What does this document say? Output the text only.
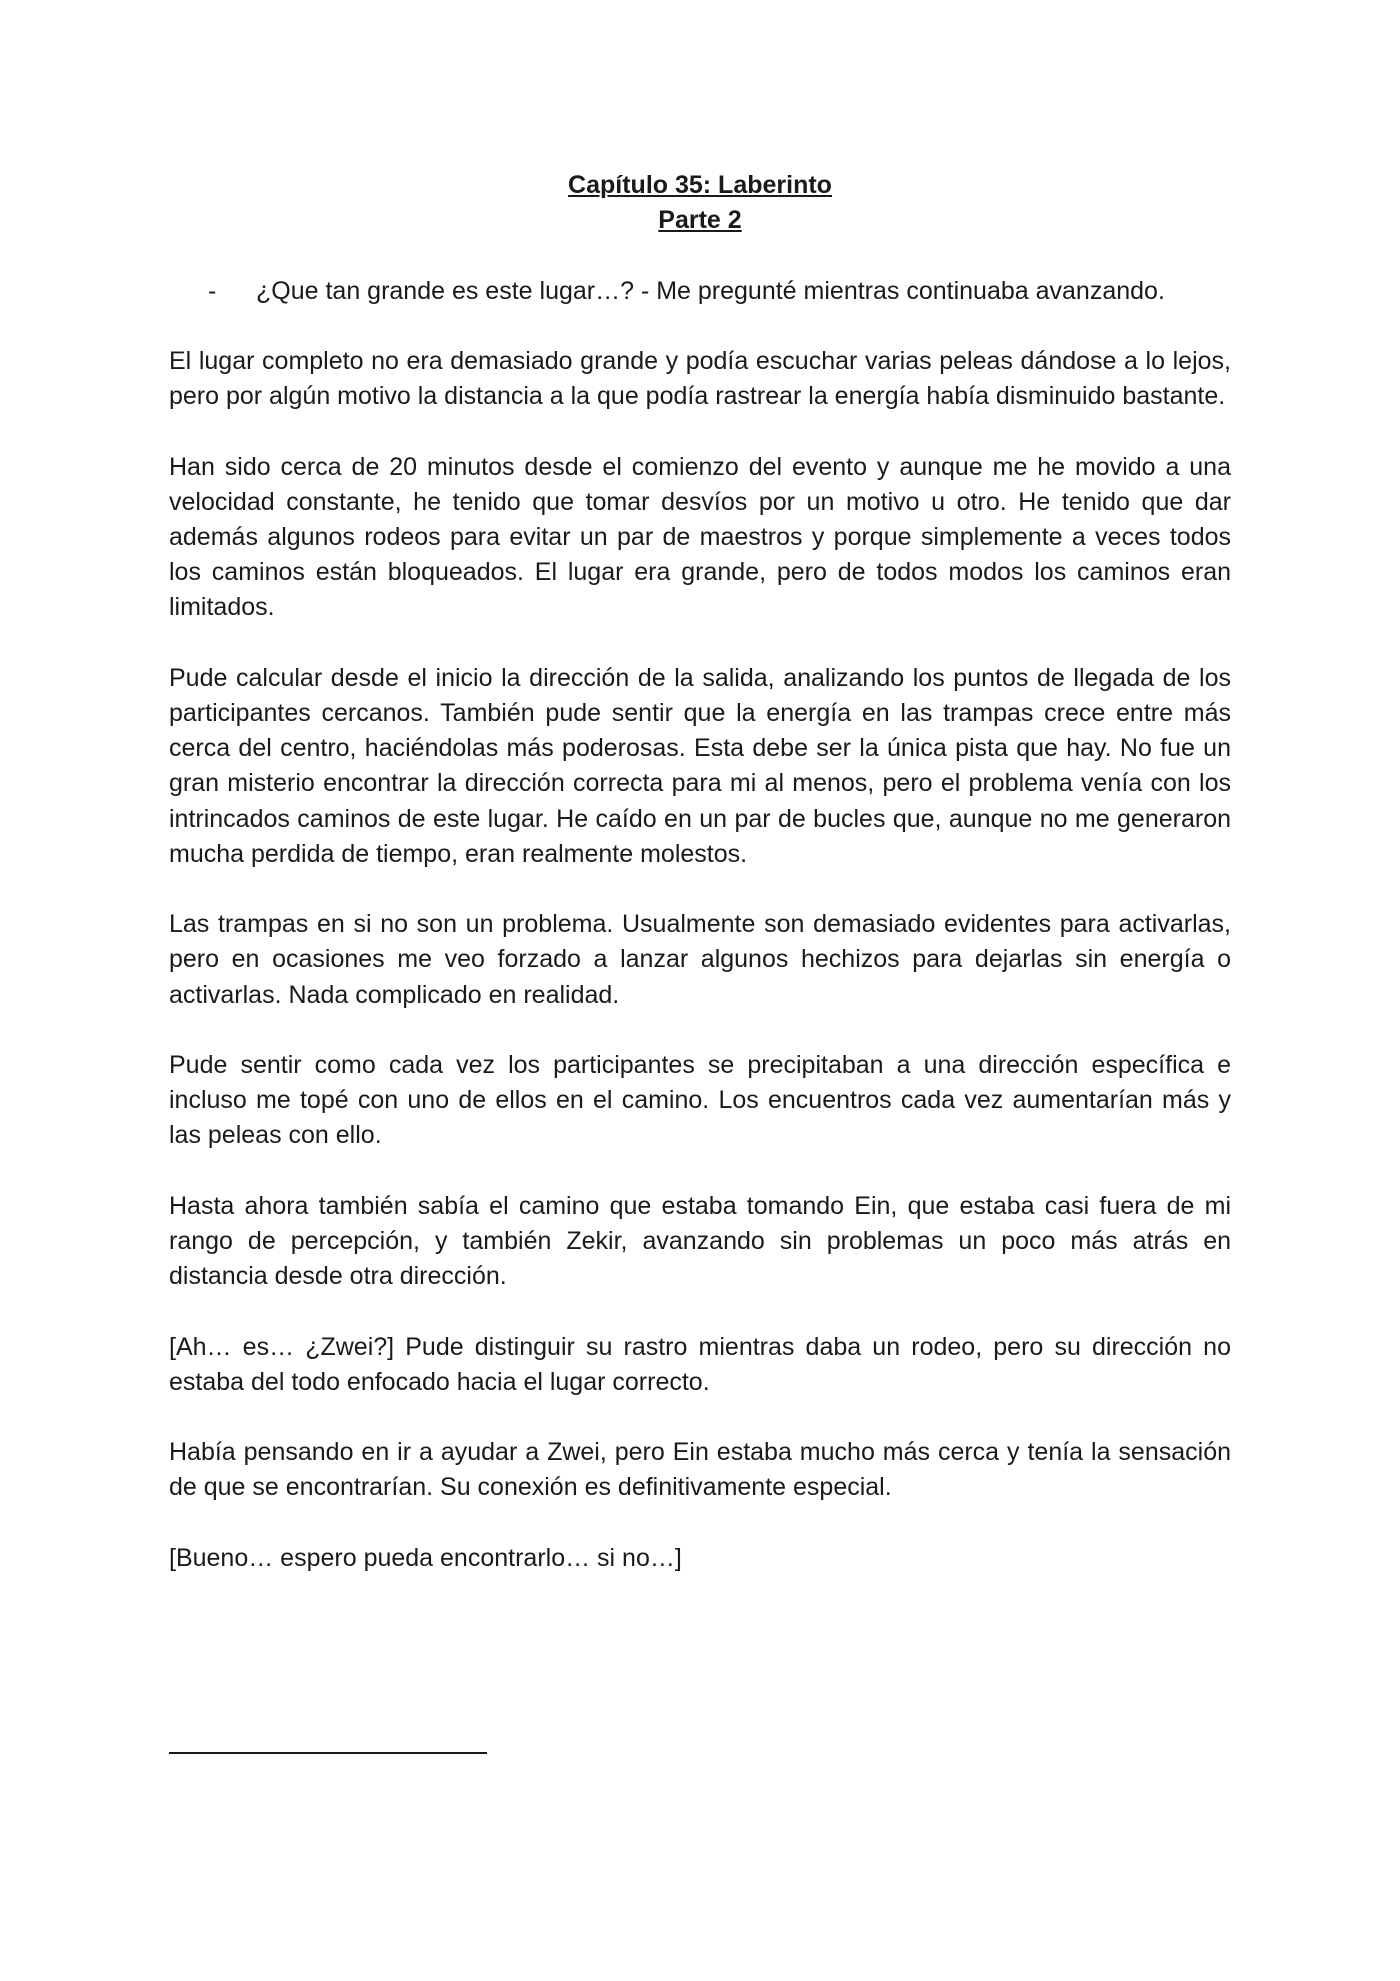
Capítulo 35: Laberinto
Parte 2
- ¿Que tan grande es este lugar…? - Me pregunté mientras continuaba avanzando.

El lugar completo no era demasiado grande y podía escuchar varias peleas dándose a lo lejos, pero por algún motivo la distancia a la que podía rastrear la energía había disminuido bastante.

Han sido cerca de 20 minutos desde el comienzo del evento y aunque me he movido a una velocidad constante, he tenido que tomar desvíos por un motivo u otro. He tenido que dar además algunos rodeos para evitar un par de maestros y porque simplemente a veces todos los caminos están bloqueados. El lugar era grande, pero de todos modos los caminos eran limitados.

Pude calcular desde el inicio la dirección de la salida, analizando los puntos de llegada de los participantes cercanos. También pude sentir que la energía en las trampas crece entre más cerca del centro, haciéndolas más poderosas. Esta debe ser la única pista que hay. No fue un gran misterio encontrar la dirección correcta para mi al menos, pero el problema venía con los intrincados caminos de este lugar. He caído en un par de bucles que, aunque no me generaron mucha perdida de tiempo, eran realmente molestos.

Las trampas en si no son un problema. Usualmente son demasiado evidentes para activarlas, pero en ocasiones me veo forzado a lanzar algunos hechizos para dejarlas sin energía o activarlas. Nada complicado en realidad.

Pude sentir como cada vez los participantes se precipitaban a una dirección específica e incluso me topé con uno de ellos en el camino. Los encuentros cada vez aumentarían más y las peleas con ello.

Hasta ahora también sabía el camino que estaba tomando Ein, que estaba casi fuera de mi rango de percepción, y también Zekir, avanzando sin problemas un poco más atrás en distancia desde otra dirección.

[Ah… es… ¿Zwei?] Pude distinguir su rastro mientras daba un rodeo, pero su dirección no estaba del todo enfocado hacia el lugar correcto.

Había pensando en ir a ayudar a Zwei, pero Ein estaba mucho más cerca y tenía la sensación de que se encontrarían. Su conexión es definitivamente especial.

[Bueno… espero pueda encontrarlo… si no…]
